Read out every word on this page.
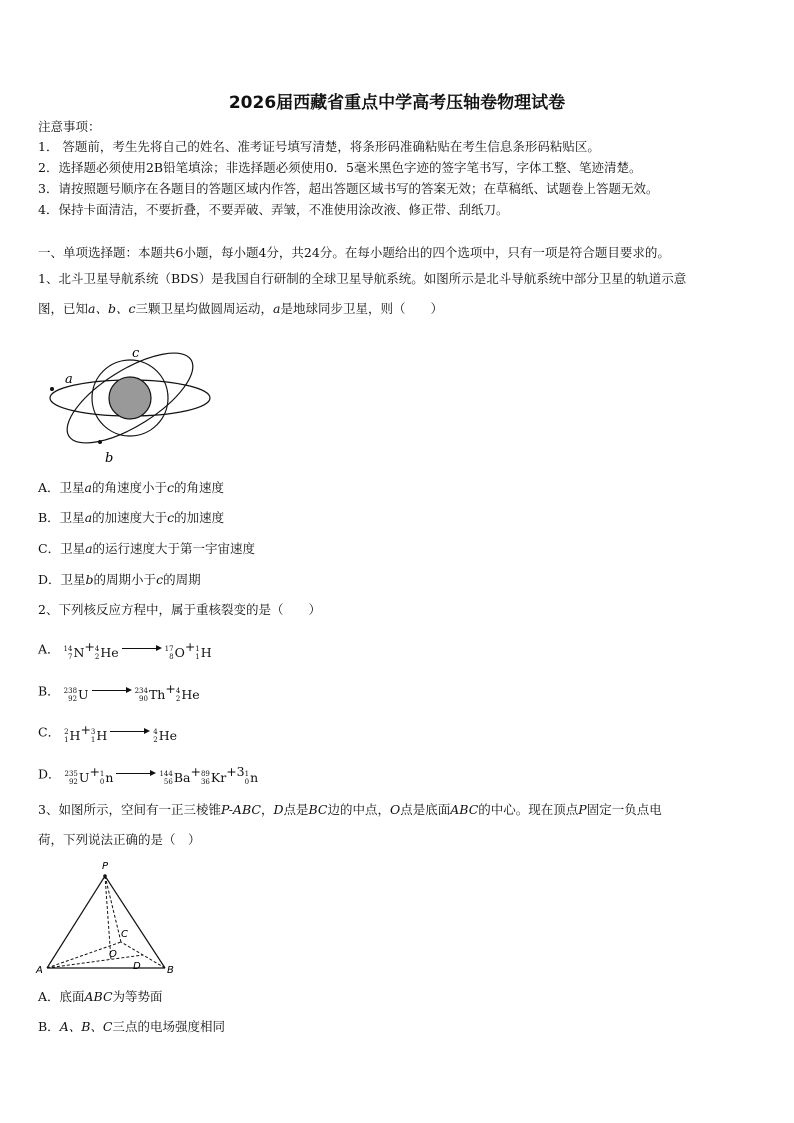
2026届西藏省重点中学高考压轴卷物理试卷
注意事项：
1． 答题前，考生先将自己的姓名、准考证号填写清楚，将条形码准确粘贴在考生信息条形码粘贴区。
2．选择题必须使用2B铅笔填涂；非选择题必须使用0．5毫米黑色字迹的签字笔书写，字体工整、笔迹清楚。
3．请按照题号顺序在各题目的答题区域内作答，超出答题区域书写的答案无效；在草稿纸、试题卷上答题无效。
4．保持卡面清洁，不要折叠，不要弄破、弄皱，不准使用涂改液、修正带、刮纸刀。
一、单项选择题：本题共6小题，每小题4分，共24分。在每小题给出的四个选项中，只有一项是符合题目要求的。
1、北斗卫星导航系统（BDS）是我国自行研制的全球卫星导航系统。如图所示是北斗导航系统中部分卫星的轨道示意
图，已知a、b、c三颗卫星均做圆周运动，a是地球同步卫星，则（　　）
a
b
c
A．卫星a的角速度小于c的角速度
B．卫星a的加速度大于c的加速度
C．卫星a的运行速度大于第一宇宙速度
D．卫星b的周期小于c的周期
2、下列核反应方程中，属于重核裂变的是（　　）
A． 14
7 N+ 4
2 He	17
8 O+ 1
1 H
B． 238
92 U	234
90 Th+ 4
2 He
C． 2
1 H+ 3
1 H	4
2 He
D． 235
92 U+ 1
0 n	144
56 Ba+ 89
36 Kr+3 1
0 n
3、如图所示，空间有一正三棱锥P-ABC，D点是BC边的中点，O点是底面ABC的中心。现在顶点P固定一负点电
荷，下列说法正确的是（　）
P
A	B
C
O
D
A．底面ABC为等势面
B．A、B、C三点的电场强度相同
